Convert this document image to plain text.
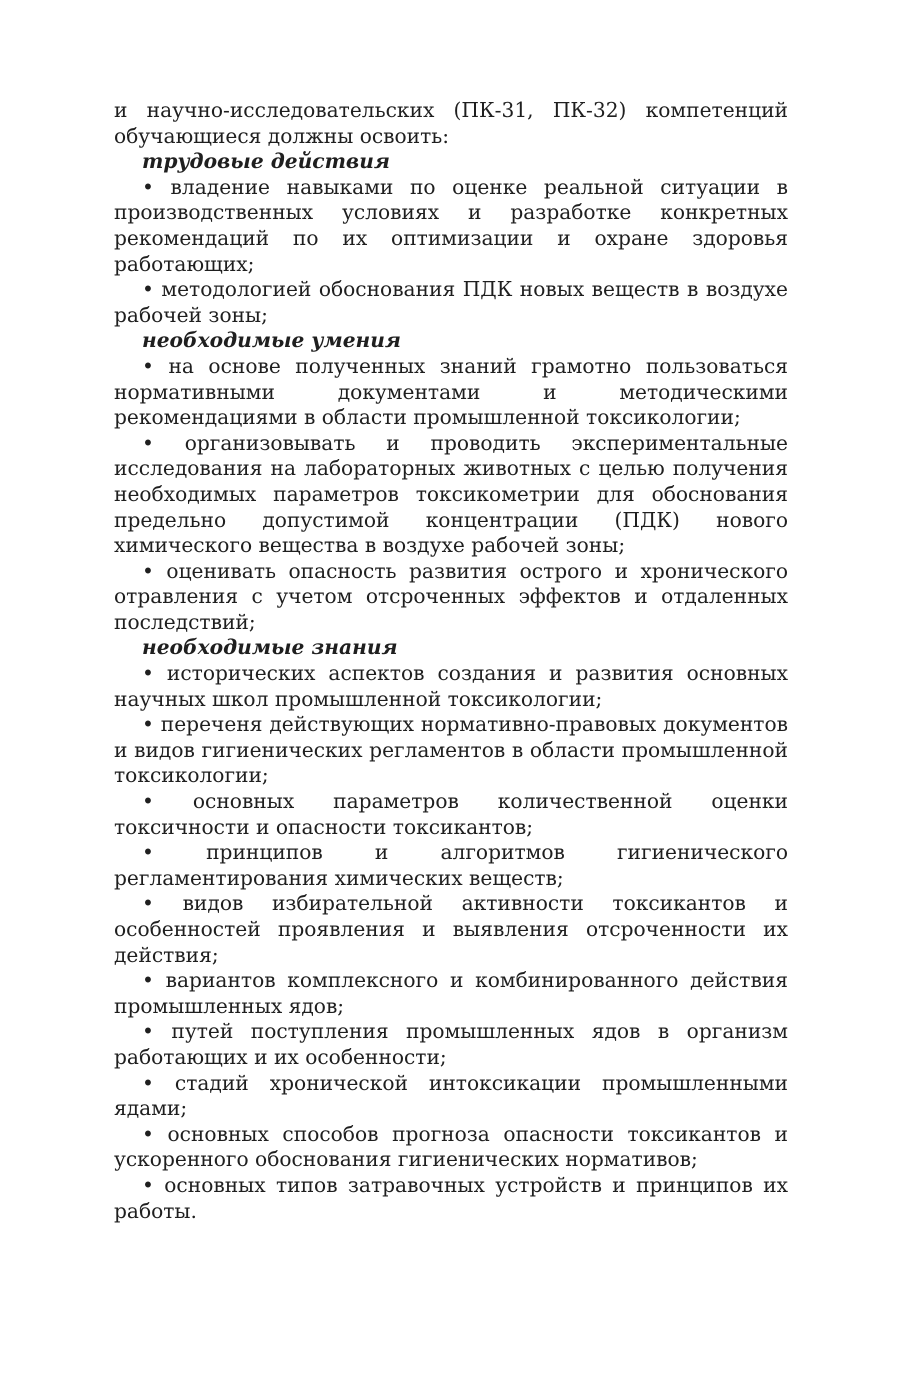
и научно-исследовательских (ПК-31, ПК-32) компетенций обучающиеся должны освоить:

трудовые действия

• владение навыками по оценке реальной ситуации в производственных условиях и разработке конкретных рекомендаций по их оптимизации и охране здоровья работающих;

• методологией обоснования ПДК новых веществ в воздухе рабочей зоны;

необходимые умения

• на основе полученных знаний грамотно пользоваться нормативными документами и методическими рекомендациями в области промышленной токсикологии;

• организовывать и проводить экспериментальные исследования на лабораторных животных с целью получения необходимых параметров токсикометрии для обоснования предельно допустимой концентрации (ПДК) нового химического вещества в воздухе рабочей зоны;

• оценивать опасность развития острого и хронического отравления с учетом отсроченных эффектов и отдаленных последствий;

необходимые знания

• исторических аспектов создания и развития основных научных школ промышленной токсикологии;

• переченя действующих нормативно-правовых документов и видов гигиенических регламентов в области промышленной токсикологии;

• основных параметров количественной оценки токсичности и опасности токсикантов;

•	принципов и алгоритмов гигиенического регламентирования химических веществ;

• видов избирательной активности токсикантов и особенностей проявления и выявления отсроченности их действия;

• вариантов комплексного и комбинированного действия промышленных ядов;

• путей поступления промышленных ядов в организм работающих и их особенности;

• стадий хронической интоксикации промышленными ядами;

• основных способов прогноза опасности токсикантов и ускоренного обоснования гигиенических нормативов;

• основных типов затравочных устройств и принципов их работы.
